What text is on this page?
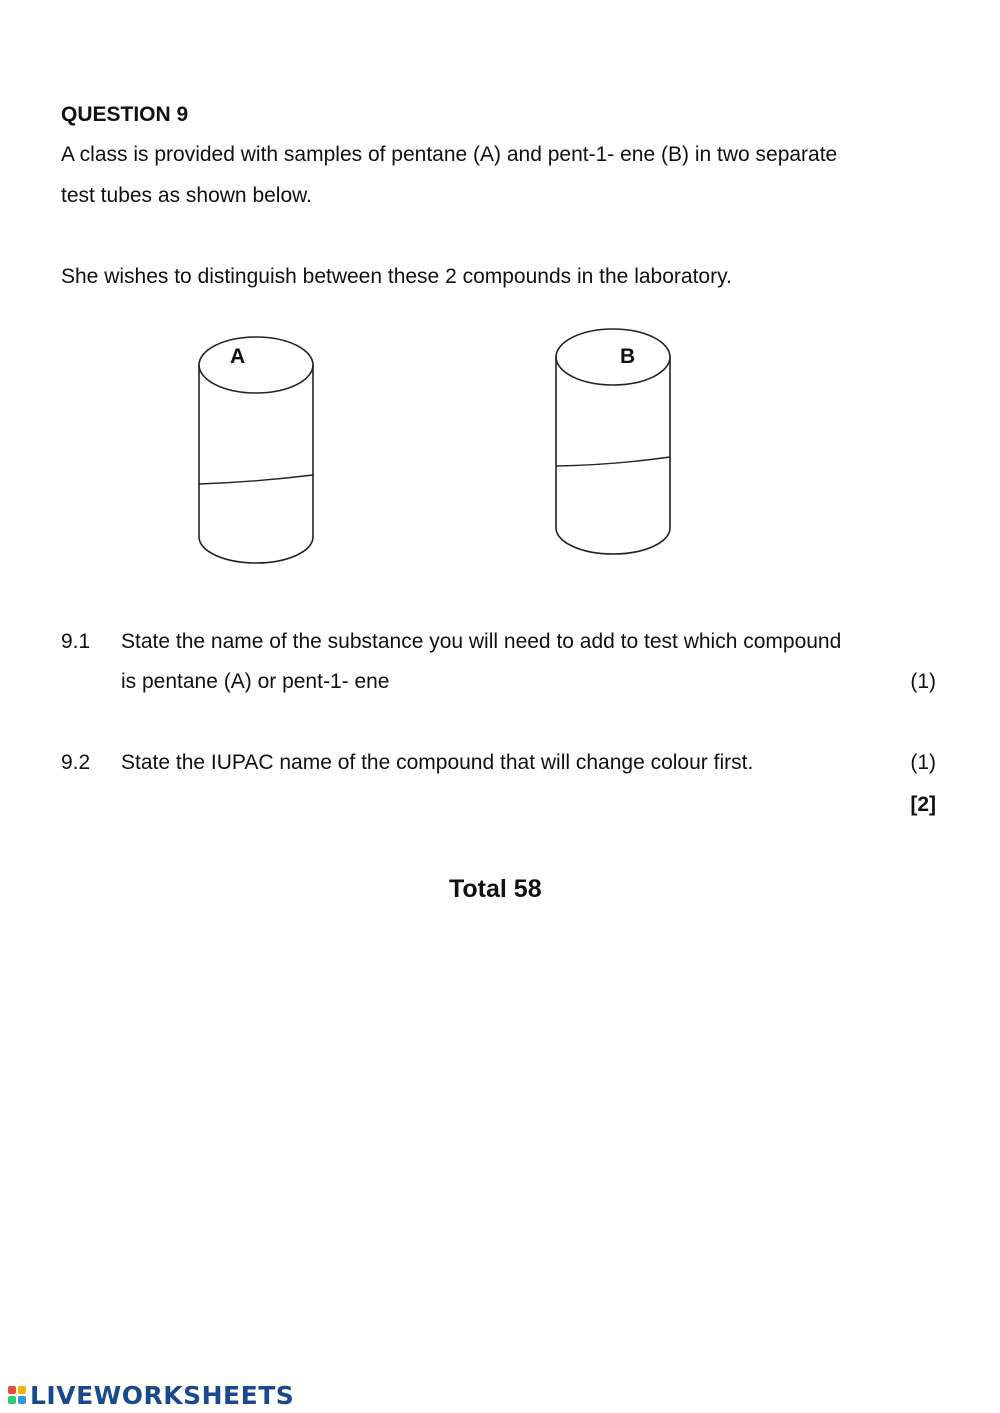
QUESTION 9
A class is provided with samples of pentane (A) and pent-1- ene (B) in two separate
test tubes as shown below.
She wishes to distinguish between these 2 compounds in the laboratory.
A	B
9.1 State the name of the substance you will need to add to test which compound
is pentane (A) or pent-1- ene	(1)
9.2 State the IUPAC name of the compound that will change colour first.	(1)
[2]
Total 58
LIVEWORKSHEETS
